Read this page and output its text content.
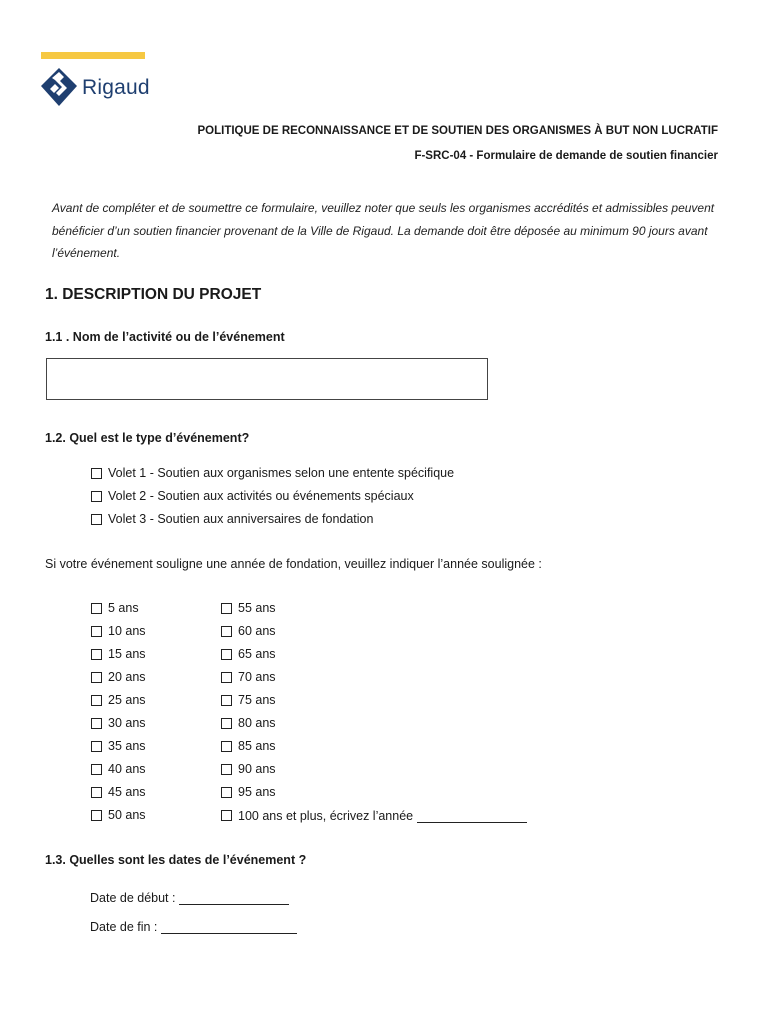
Rigaud
POLITIQUE DE RECONNAISSANCE ET DE SOUTIEN DES ORGANISMES À BUT NON LUCRATIF
F-SRC-04 - Formulaire de demande de soutien financier
Avant de compléter et de soumettre ce formulaire, veuillez noter que seuls les organismes accrédités et admissibles peuvent bénéficier d’un soutien financier provenant de la Ville de Rigaud. La demande doit être déposée au minimum 90 jours avant l’événement.
1. DESCRIPTION DU PROJET
1.1 . Nom de l’activité ou de l’événement
1.2. Quel est le type d’événement?
Volet 1 - Soutien aux organismes selon une entente spécifique
Volet 2 - Soutien aux activités ou événements spéciaux
Volet 3 - Soutien aux anniversaires de fondation
Si votre événement souligne une année de fondation, veuillez indiquer l’année soulignée :
5 ans
10 ans
15 ans
20 ans
25 ans
30 ans
35 ans
40 ans
45 ans
50 ans
55 ans
60 ans
65 ans
70 ans
75 ans
80 ans
85 ans
90 ans
95 ans
100 ans et plus, écrivez l’année
1.3. Quelles sont les dates de l’événement ?
Date de début :
Date de fin :
